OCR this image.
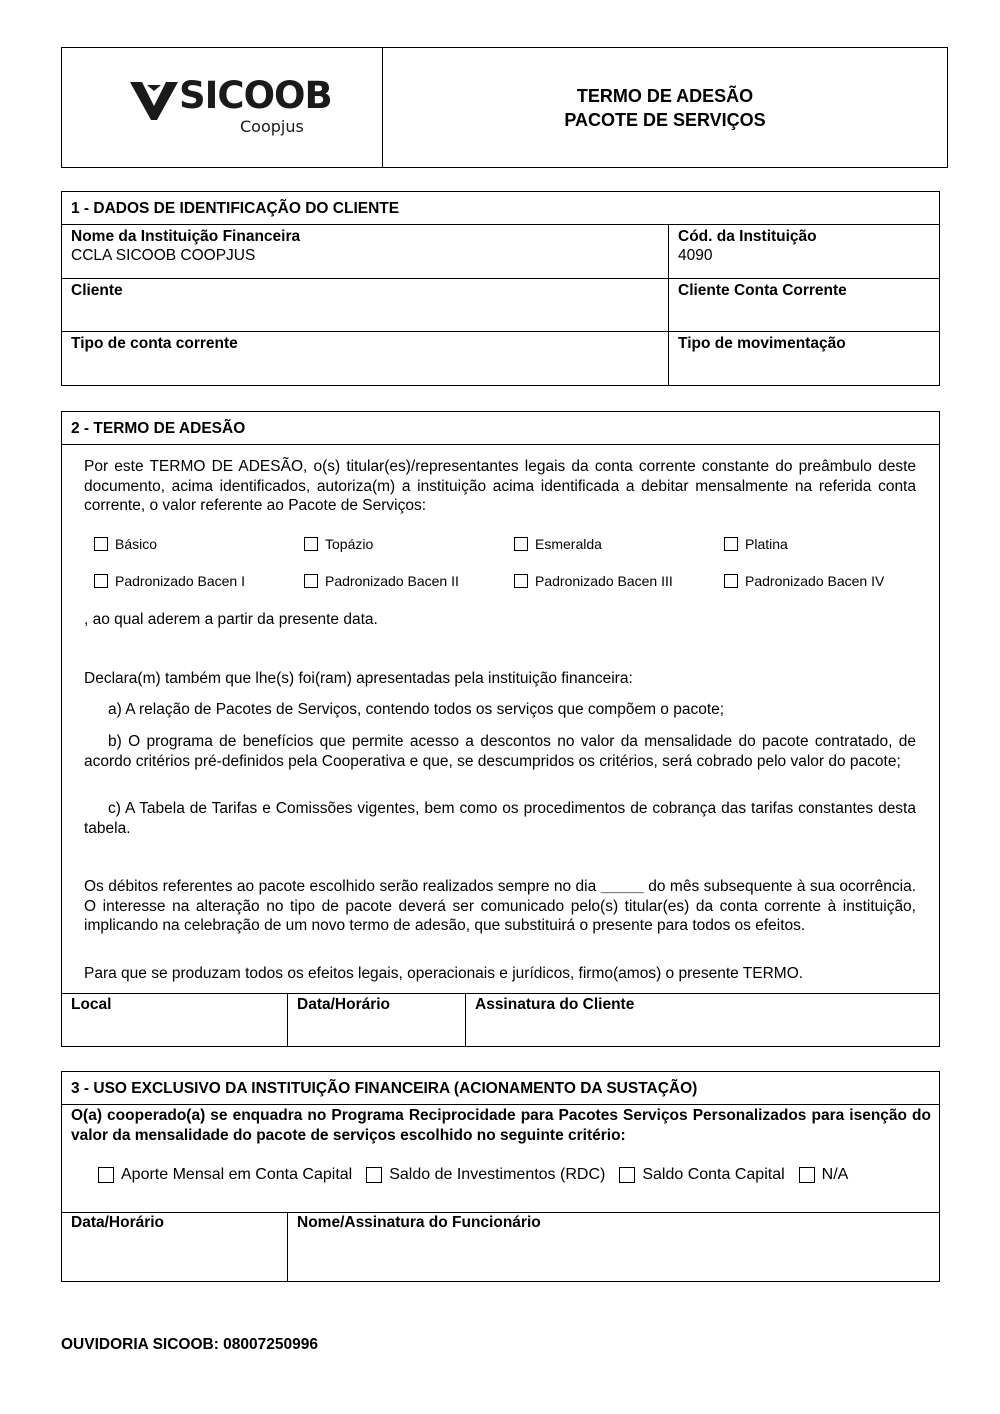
SICOOB
Coopjus
TERMO DE ADESÃO
PACOTE DE SERVIÇOS
1 - DADOS DE IDENTIFICAÇÃO DO CLIENTE
Nome da Instituição Financeira
CCLA SICOOB COOPJUS
Cód. da Instituição
4090
Cliente	Cliente Conta Corrente
Tipo de conta corrente	Tipo de movimentação
2 - TERMO DE ADESÃO
Por este TERMO DE ADESÃO, o(s) titular(es)/representantes legais da conta corrente constante do preâmbulo deste documento, acima identificados, autoriza(m) a instituição acima identificada a debitar mensalmente na referida conta corrente, o valor referente ao Pacote de Serviços:
Básico	Topázio	Esmeralda	Platina
Padronizado Bacen I	Padronizado Bacen II	Padronizado Bacen III	Padronizado Bacen IV
, ao qual aderem a partir da presente data.
Declara(m) também que lhe(s) foi(ram) apresentadas pela instituição financeira:
a) A relação de Pacotes de Serviços, contendo todos os serviços que compõem o pacote;
b) O programa de benefícios que permite acesso a descontos no valor da mensalidade do pacote contratado, de acordo critérios pré-definidos pela Cooperativa e que, se descumpridos os critérios, será cobrado pelo valor do pacote;
c) A Tabela de Tarifas e Comissões vigentes, bem como os procedimentos de cobrança das tarifas constantes desta tabela.
Os débitos referentes ao pacote escolhido serão realizados sempre no dia _____ do mês subsequente à sua ocorrência. O interesse na alteração no tipo de pacote deverá ser comunicado pelo(s) titular(es) da conta corrente à instituição, implicando na celebração de um novo termo de adesão, que substituirá o presente para todos os efeitos.
Para que se produzam todos os efeitos legais, operacionais e jurídicos, firmo(amos) o presente TERMO.
Local	Data/Horário	Assinatura do Cliente
3 - USO EXCLUSIVO DA INSTITUIÇÃO FINANCEIRA (ACIONAMENTO DA SUSTAÇÃO)
O(a) cooperado(a) se enquadra no Programa Reciprocidade para Pacotes Serviços Personalizados para isenção do valor da mensalidade do pacote de serviços escolhido no seguinte critério:
Aporte Mensal em Conta Capital Saldo de Investimentos (RDC) Saldo Conta Capital N/A
Data/Horário	Nome/Assinatura do Funcionário
OUVIDORIA SICOOB: 08007250996
